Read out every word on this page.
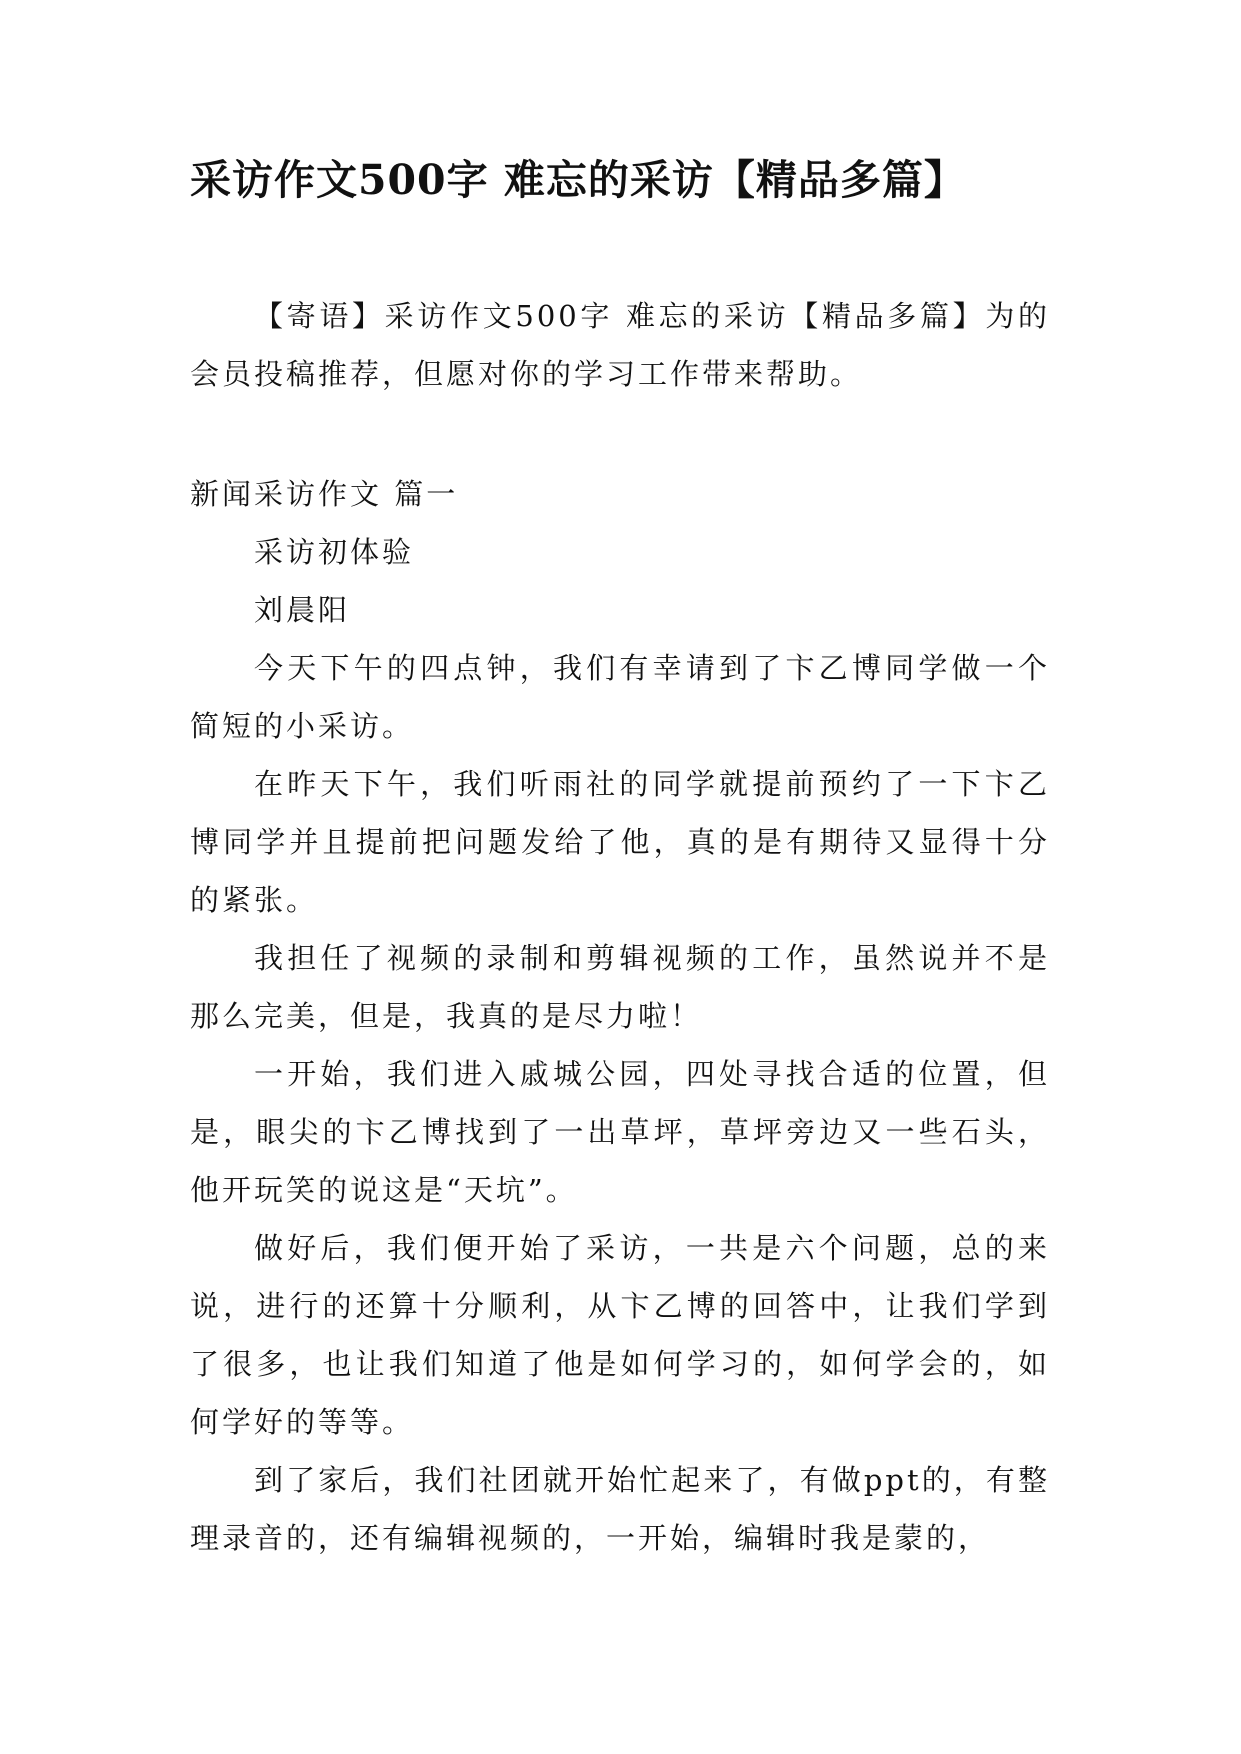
采访作文500字 难忘的采访【精品多篇】

【寄语】采访作文500字 难忘的采访【精品多篇】为的会员投稿推荐，但愿对你的学习工作带来帮助。

新闻采访作文 篇一

采访初体验

刘晨阳

今天下午的四点钟，我们有幸请到了卞乙博同学做一个简短的小采访。

在昨天下午，我们听雨社的同学就提前预约了一下卞乙博同学并且提前把问题发给了他，真的是有期待又显得十分的紧张。

我担任了视频的录制和剪辑视频的工作，虽然说并不是那么完美，但是，我真的是尽力啦！

一开始，我们进入戚城公园，四处寻找合适的位置，但是，眼尖的卞乙博找到了一出草坪，草坪旁边又一些石头，他开玩笑的说这是“天坑”。

做好后，我们便开始了采访，一共是六个问题，总的来说，进行的还算十分顺利，从卞乙博的回答中，让我们学到了很多，也让我们知道了他是如何学习的，如何学会的，如何学好的等等。

到了家后，我们社团就开始忙起来了，有做ppt的，有整理录音的，还有编辑视频的，一开始，编辑时我是蒙的，
